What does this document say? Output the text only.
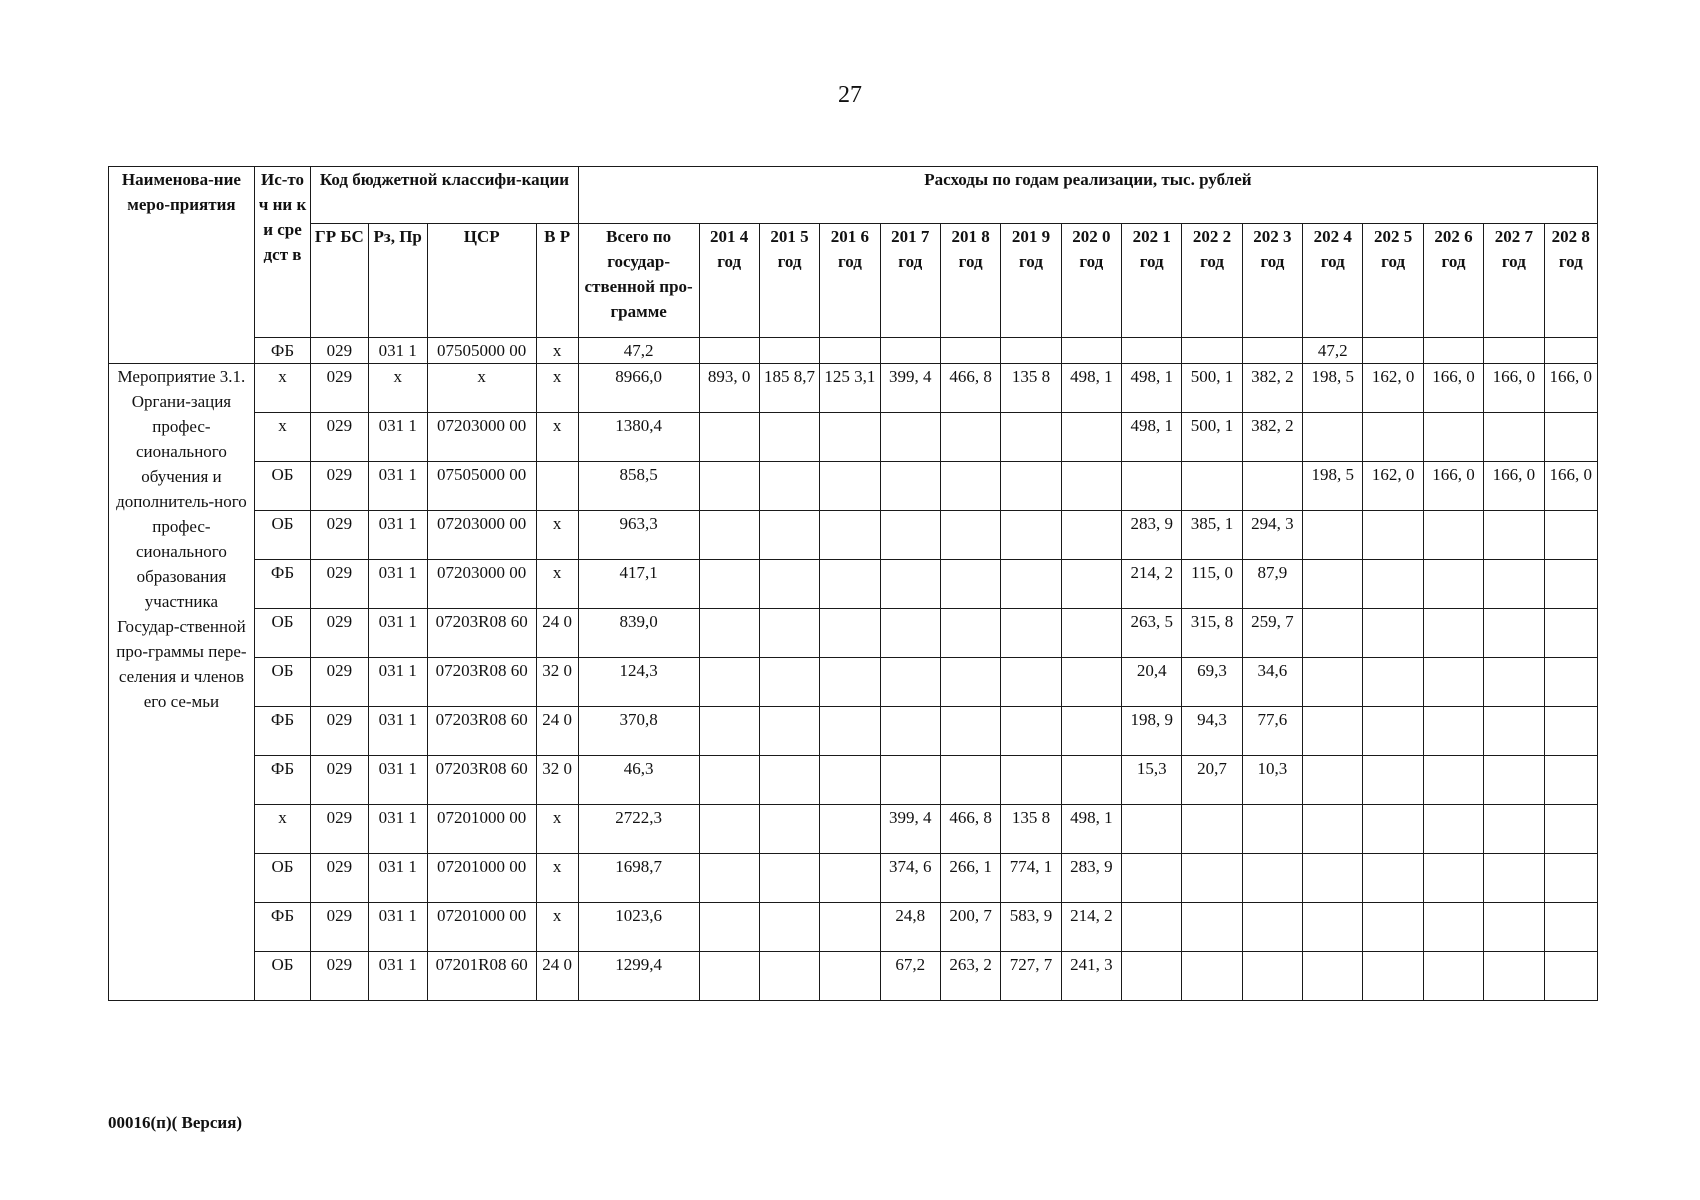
27
Наименова-ние меро-приятия	Ис-точ ни ки сре дст в	Код бюджетной классифи-кации				Расходы по годам реализации, тыс. рублей															
		ГР БС	Рз, Пр	ЦСР	В Р	Всего по государ-ственной про-грамме	201 4 год	201 5 год	201 6 год	201 7 год	201 8 год	201 9 год	202 0 год	202 1 год	202 2 год	202 3 год	202 4 год	202 5 год	202 6 год	202 7 год	202 8 год
	ФБ	029	031 1	07505000 00	х	47,2											47,2				
Мероприятие 3.1. Органи-зация профес-сионального обучения и дополнитель-ного профес-сионального образования участника Государ-ственной про-граммы пере-селения и членов его се-мьи	х	029	х	х	х	8966,0	893, 0	185 8,7	125 3,1	399, 4	466, 8	135 8	498, 1	498, 1	500, 1	382, 2	198, 5	162, 0	166, 0	166, 0	166, 0
	х	029	031 1	07203000 00	х	1380,4								498, 1	500, 1	382, 2					
	ОБ	029	031 1	07505000 00		858,5											198, 5	162, 0	166, 0	166, 0	166, 0
	ОБ	029	031 1	07203000 00	х	963,3								283, 9	385, 1	294, 3					
	ФБ	029	031 1	07203000 00	х	417,1								214, 2	115, 0	87,9					
	ОБ	029	031 1	07203R08 60	24 0	839,0								263, 5	315, 8	259, 7					
	ОБ	029	031 1	07203R08 60	32 0	124,3								20,4	69,3	34,6					
	ФБ	029	031 1	07203R08 60	24 0	370,8								198, 9	94,3	77,6					
	ФБ	029	031 1	07203R08 60	32 0	46,3								15,3	20,7	10,3					
	х	029	031 1	07201000 00	х	2722,3				399, 4	466, 8	135 8	498, 1								
	ОБ	029	031 1	07201000 00	х	1698,7				374, 6	266, 1	774, 1	283, 9								
	ФБ	029	031 1	07201000 00	х	1023,6				24,8	200, 7	583, 9	214, 2								
	ОБ	029	031 1	07201R08 60	24 0	1299,4				67,2	263, 2	727, 7	241, 3								
00016(п)( Версия)
